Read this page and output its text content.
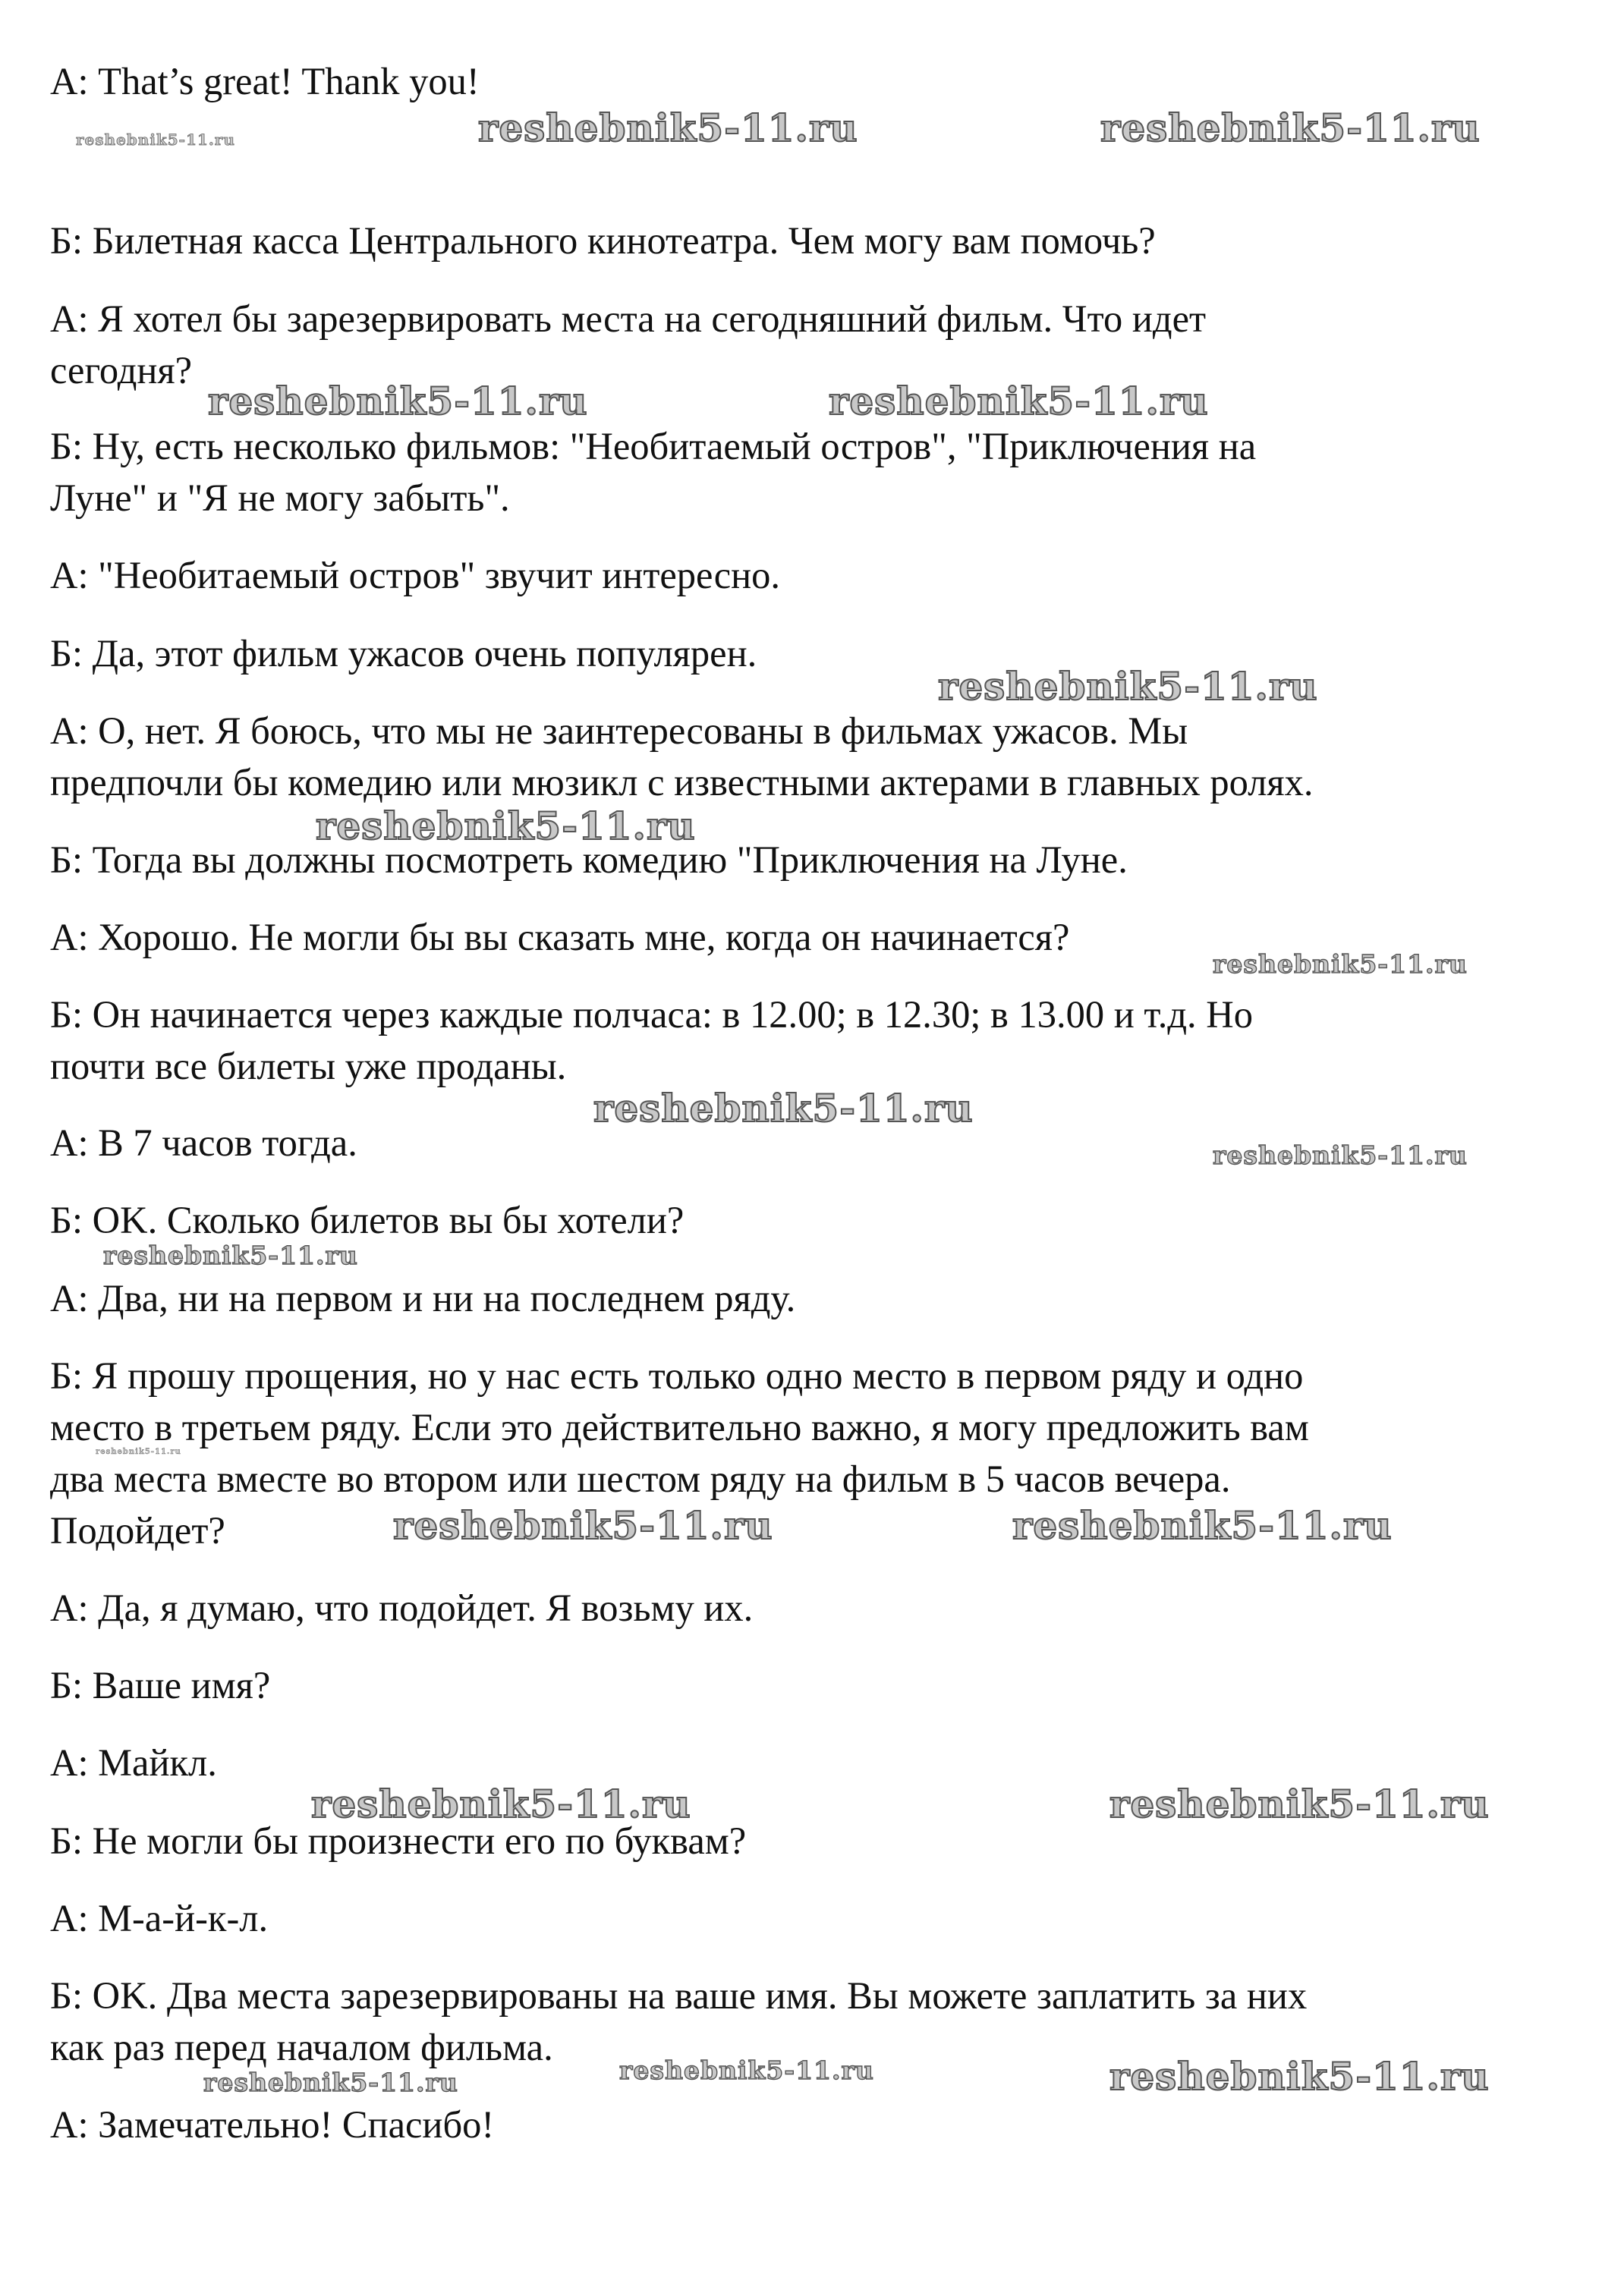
А: That’s great! Thank you!
Б: Билетная касса Центрального кинотеатра. Чем могу вам помочь?
А: Я хотел бы зарезервировать места на сегодняшний фильм. Что идет
сегодня?
Б: Ну, есть несколько фильмов: "Необитаемый остров", "Приключения на
Луне" и "Я не могу забыть".
А: "Необитаемый остров" звучит интересно.
Б: Да, этот фильм ужасов очень популярен.
А: О, нет. Я боюсь, что мы не заинтересованы в фильмах ужасов. Мы
предпочли бы комедию или мюзикл с известными актерами в главных ролях.
Б: Тогда вы должны посмотреть комедию "Приключения на Луне.
А: Хорошо. Не могли бы вы сказать мне, когда он начинается?
Б: Он начинается через каждые полчаса: в 12.00; в 12.30; в 13.00 и т.д. Но
почти все билеты уже проданы.
А: В 7 часов тогда.
Б: OK. Сколько билетов вы бы хотели?
А: Два, ни на первом и ни на последнем ряду.
Б: Я прошу прощения, но у нас есть только одно место в первом ряду и одно
место в третьем ряду. Если это действительно важно, я могу предложить вам
два места вместе во втором или шестом ряду на фильм в 5 часов вечера.
Подойдет?
А: Да, я думаю, что подойдет. Я возьму их.
Б: Ваше имя?
А: Майкл.
Б: Не могли бы произнести его по буквам?
А: М-а-й-к-л.
Б: OK. Два места зарезервированы на ваше имя. Вы можете заплатить за них
как раз перед началом фильма.
А: Замечательно! Спасибо!
reshebnik5-11.ru	reshebnik5-11.ru	reshebnik5-11.ru
reshebnik5-11.ru	reshebnik5-11.ru
reshebnik5-11.ru
reshebnik5-11.ru
reshebnik5-11.ru
reshebnik5-11.ru
reshebnik5-11.ru
reshebnik5-11.ru
reshebnik5-11.ru
reshebnik5-11.ru	reshebnik5-11.ru
reshebnik5-11.ru	reshebnik5-11.ru
reshebnik5-11.ru	reshebnik5-11.ru	reshebnik5-11.ru
